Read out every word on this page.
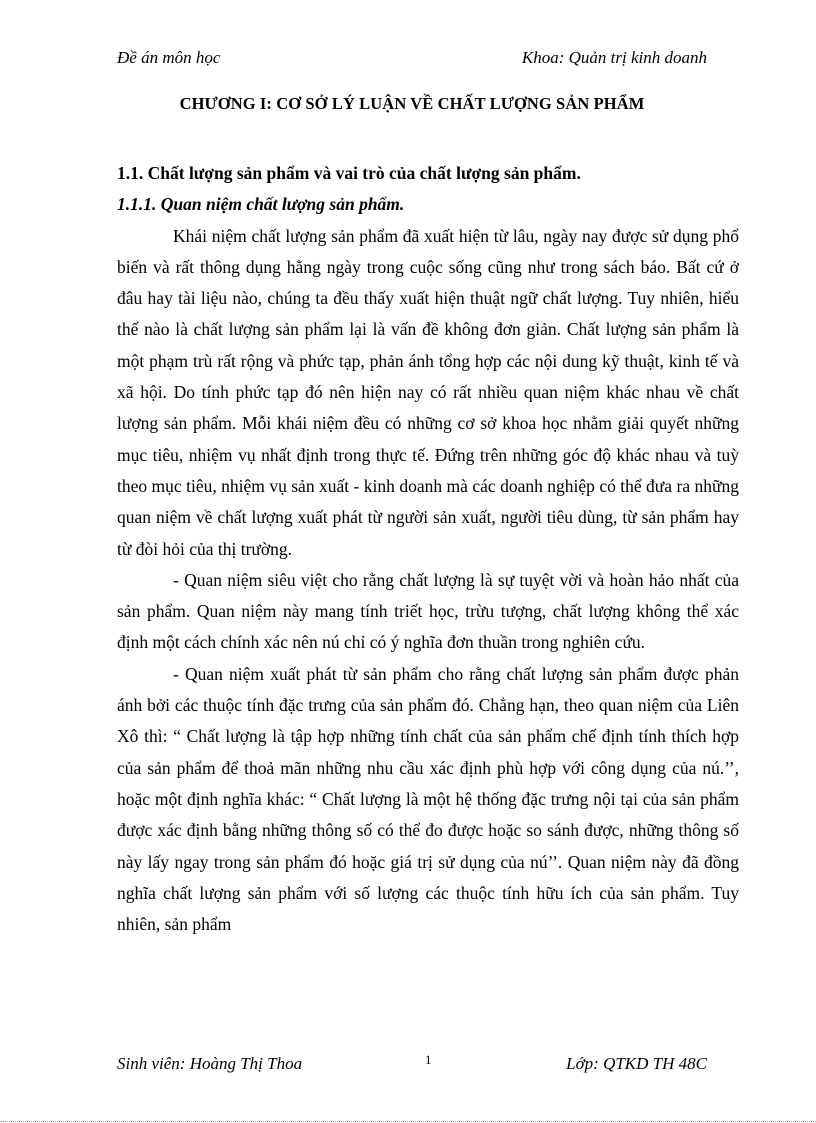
Đề án môn học	Khoa: Quản trị kinh doanh
CHƯƠNG I: CƠ SỞ LÝ LUẬN VỀ CHẤT LƯỢNG SẢN PHẨM

1.1. Chất lượng sản phẩm và vai trò của chất lượng sản phẩm.

1.1.1. Quan niệm chất lượng sản phẩm.

Khái niệm chất lượng sản phẩm đã xuất hiện từ lâu, ngày nay được sử dụng phổ biến và rất thông dụng hằng ngày trong cuộc sống cũng như trong sách báo. Bất cứ ở đâu hay tài liệu nào, chúng ta đều thấy xuất hiện thuật ngữ chất lượng. Tuy nhiên, hiểu thế nào là chất lượng sản phẩm lại là vấn đề không đơn giản. Chất lượng sản phẩm là một phạm trù rất rộng và phức tạp, phản ánh tổng hợp các nội dung kỹ thuật, kinh tế và xã hội. Do tính phức tạp đó nên hiện nay có rất nhiều quan niệm khác nhau về chất lượng sản phẩm. Mỗi khái niệm đều có những cơ sở khoa học nhằm giải quyết những mục tiêu, nhiệm vụ nhất định trong thực tế. Đứng trên những góc độ khác nhau và tuỳ theo mục tiêu, nhiệm vụ sản xuất - kinh doanh mà các doanh nghiệp có thể đưa ra những quan niệm về chất lượng xuất phát từ người sản xuất, người tiêu dùng, từ sản phẩm hay từ đòi hỏi của thị trường.

- Quan niệm siêu việt cho rằng chất lượng là sự tuyệt vời và hoàn hảo nhất của sản phẩm. Quan niệm này mang tính triết học, trừu tượng, chất lượng không thể xác định một cách chính xác nên nú chỉ có ý nghĩa đơn thuần trong nghiên cứu.

- Quan niệm xuất phát từ sản phẩm cho rằng chất lượng sản phẩm được phản ánh bởi các thuộc tính đặc trưng của sản phẩm đó. Chẳng hạn, theo quan niệm của Liên Xô thì: “ Chất lượng là tập hợp những tính chất của sản phẩm chế định tính thích hợp của sản phẩm để thoả mãn những nhu cầu xác định phù hợp với công dụng của nú.’’, hoặc một định nghĩa khác: “ Chất lượng là một hệ thống đặc trưng nội tại của sản phẩm được xác định bằng những thông số có thể đo được hoặc so sánh được, những thông số này lấy ngay trong sản phẩm đó hoặc giá trị sử dụng của nú’’. Quan niệm này đã đồng nghĩa chất lượng sản phẩm với số lượng các thuộc tính hữu ích của sản phẩm. Tuy nhiên, sản phẩm

Sinh viên: Hoàng Thị Thoa	1	Lớp: QTKD TH 48C
